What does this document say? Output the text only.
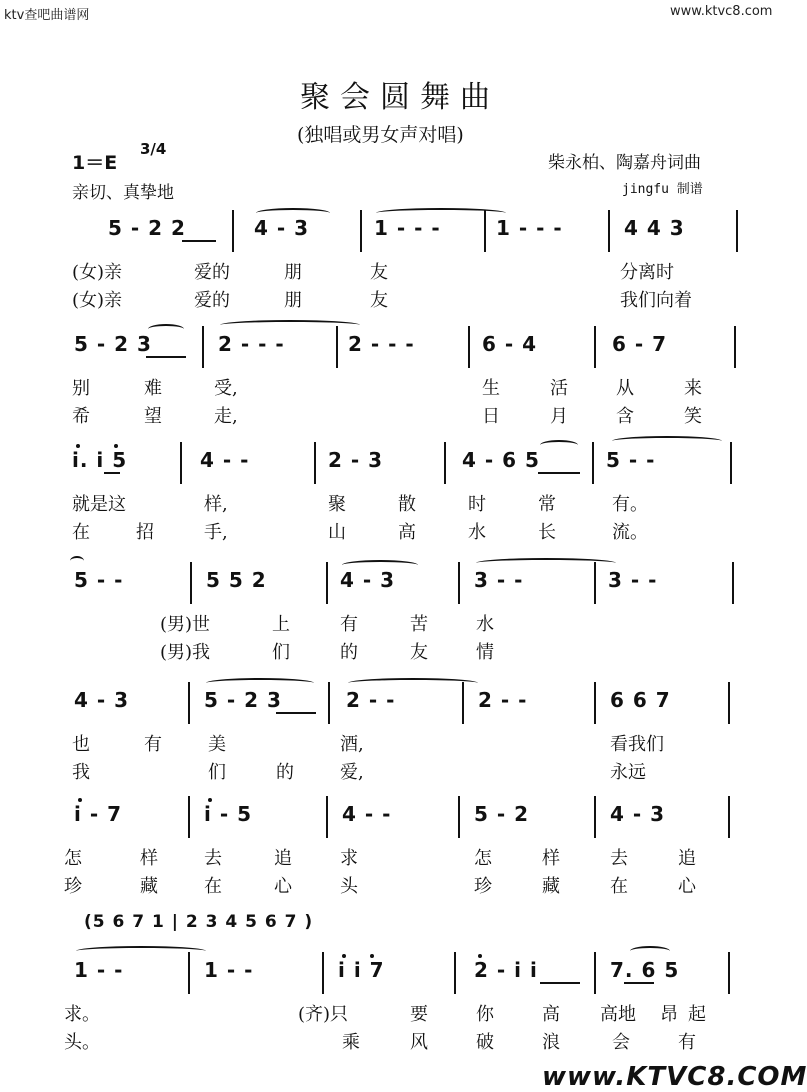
ktv查吧曲谱网	www.ktvc8.com
聚会圆舞曲
(独唱或男女声对唱)
1＝E
3/4
亲切、真挚地
柴永柏、陶嘉舟词曲
jingfu 制谱
5 - 2 2	4 - 3	1 - - -	1 - - -	4 4 3
(女)亲	爱的	朋	友	分离时
(女)亲	爱的	朋	友	我们向着
5 - 2 3	2 - - -	2 - - -	6 - 4	6 - 7
别	难	受,	生	活	从	来
希	望	走,	日	月	含	笑
i. i 5	4 - -	2 - 3	4 - 6 5	5 - -
就是这	样,	聚	散	时	常	有。
在	招	手,	山	高	水	长	流。
5 - -	5 5 2	4 - 3	3 - -	3 - -
(男)世	上	有	苦	水
(男)我	们	的	友	情
4 - 3	5 - 2 3	2 - -	2 - -	6 6 7
也	有	美	酒,	看我们
我	们	的	爱,	永远
i - 7	i - 5	4 - -	5 - 2	4 - 3
怎	样	去	追	求	怎	样	去	追
珍	藏	在	心	头	珍	藏	在	心
(5 6 7 1 | 2 3 4 5 6 7 )
1 - -	1 - -	i i 7	2 - i i	7. 6 5
求。	(齐)只	要	你	高 高地 昂 起
头。	乘	风	破	浪	会	有
www.KTVC8.COM
